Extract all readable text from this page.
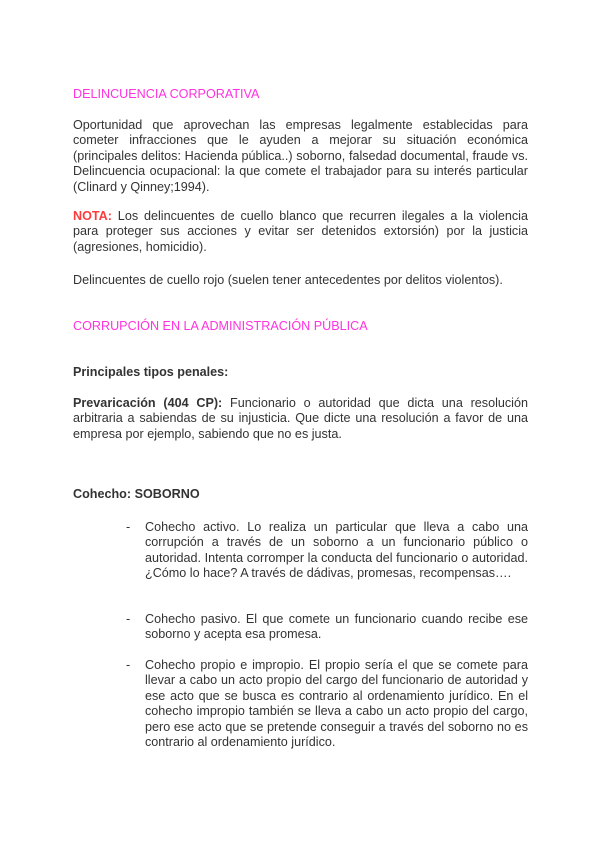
DELINCUENCIA CORPORATIVA
Oportunidad que aprovechan las empresas legalmente establecidas para cometer infracciones que le ayuden a mejorar su situación económica (principales delitos: Hacienda pública..) soborno, falsedad documental, fraude vs. Delincuencia ocupacional: la que comete el trabajador para su interés particular (Clinard y Qinney;1994).
NOTA: Los delincuentes de cuello blanco que recurren ilegales a la violencia para proteger sus acciones y evitar ser detenidos extorsión) por la justicia (agresiones, homicidio).
Delincuentes de cuello rojo (suelen tener antecedentes por delitos violentos).
CORRUPCIÓN EN LA ADMINISTRACIÓN PÚBLICA
Principales tipos penales:
Prevaricación (404 CP): Funcionario o autoridad que dicta una resolución arbitraria a sabiendas de su injusticia. Que dicte una resolución a favor de una empresa por ejemplo, sabiendo que no es justa.
Cohecho: SOBORNO
- Cohecho activo. Lo realiza un particular que lleva a cabo una corrupción a través de un soborno a un funcionario público o autoridad. Intenta corromper la conducta del funcionario o autoridad. ¿Cómo lo hace? A través de dádivas, promesas, recompensas….
- Cohecho pasivo. El que comete un funcionario cuando recibe ese soborno y acepta esa promesa.
- Cohecho propio e impropio. El propio sería el que se comete para llevar a cabo un acto propio del cargo del funcionario de autoridad y ese acto que se busca es contrario al ordenamiento jurídico. En el cohecho impropio también se lleva a cabo un acto propio del cargo, pero ese acto que se pretende conseguir a través del soborno no es contrario al ordenamiento jurídico.
